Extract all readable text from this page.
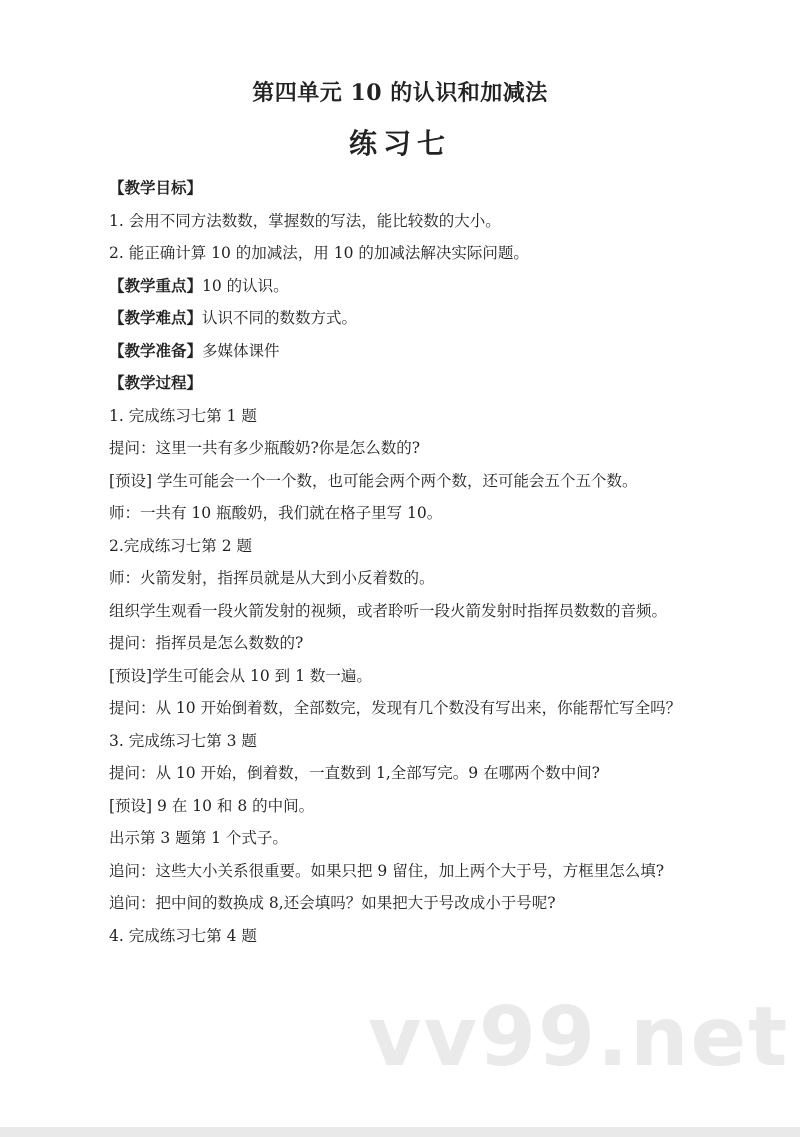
第四单元 10 的认识和加减法
练习七
【教学目标】
1. 会用不同方法数数，掌握数的写法，能比较数的大小。
2. 能正确计算 10 的加减法，用 10 的加减法解决实际问题。
【教学重点】10 的认识。
【教学难点】认识不同的数数方式。
【教学准备】多媒体课件
【教学过程】
1. 完成练习七第 1 题
提问：这里一共有多少瓶酸奶?你是怎么数的?
[预设] 学生可能会一个一个数，也可能会两个两个数，还可能会五个五个数。
师：一共有 10 瓶酸奶，我们就在格子里写 10。
2.完成练习七第 2 题
师：火箭发射，指挥员就是从大到小反着数的。
组织学生观看一段火箭发射的视频，或者聆听一段火箭发射时指挥员数数的音频。
提问：指挥员是怎么数数的?
[预设]学生可能会从 10 到 1 数一遍。
提问：从 10 开始倒着数，全部数完，发现有几个数没有写出来，你能帮忙写全吗？
3. 完成练习七第 3 题
提问：从 10 开始，倒着数，一直数到 1,全部写完。9 在哪两个数中间?
[预设] 9 在 10 和 8 的中间。
出示第 3 题第 1 个式子。
追问：这些大小关系很重要。如果只把 9 留住，加上两个大于号，方框里怎么填?
追问：把中间的数换成 8,还会填吗？如果把大于号改成小于号呢?
4. 完成练习七第 4 题
vv99.net
